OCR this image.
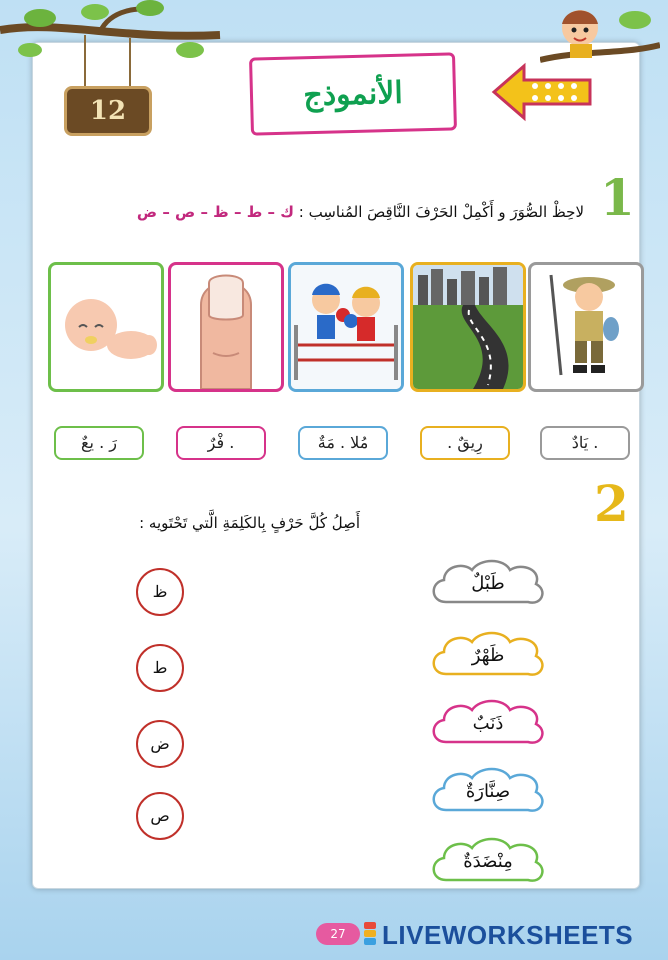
12	الأنموذج
1
لاحِظْ الصُّوَرَ و أَكْمِلْ الحَرْفَ النَّاقِصَ المُناسِب : ك – ط – ظ – ص – ض
. يَادٌ
رِيقٌ .
مُلا . مَةٌ
. فْرٌ
رَ . يعٌ
2
أَصِلُ كُلَّ حَرْفٍ بِالكَلِمَةِ الَّتي تَحْتَويه :
طَبْلٌ
ظَهْرٌ
ذَنَبٌ
صِنَّارَةٌ
مِنْضَدَةٌ
ظ
ط
ض
ص
27	LIVEWORKSHEETS
